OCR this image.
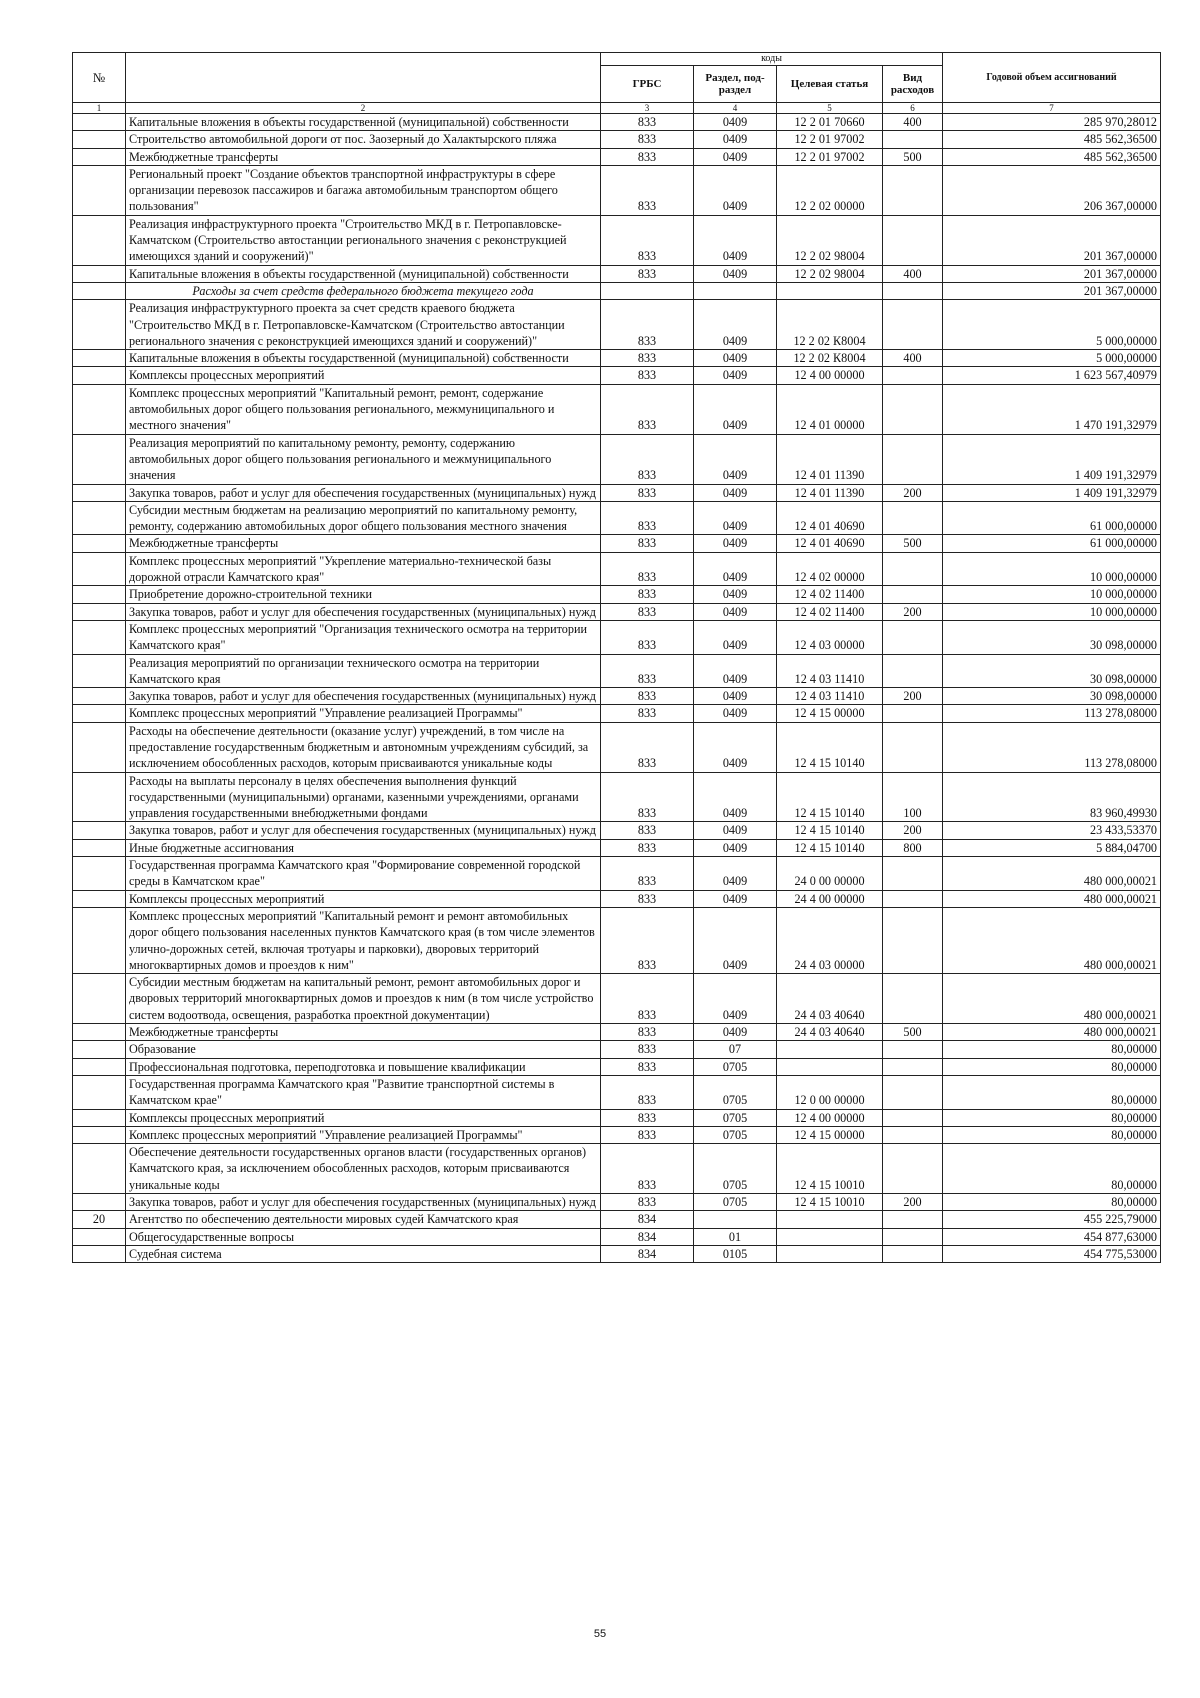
№		коды				Годовой объем ассигнований
		ГРБС	Раздел, под-раздел	Целевая статья	Вид расходов	
1	2	3	4	5	6	7
	Капитальные вложения в объекты государственной (муниципальной) собственности	833	0409	12 2 01 70660	400	285 970,28012
	Строительство автомобильной дороги от пос. Заозерный до Халактырского пляжа	833	0409	12 2 01 97002		485 562,36500
	Межбюджетные трансферты	833	0409	12 2 01 97002	500	485 562,36500
	Региональный проект "Создание объектов транспортной инфраструктуры в сфере организации перевозок пассажиров и багажа автомобильным транспортом общего пользования"	833	0409	12 2 02 00000		206 367,00000
	Реализация инфраструктурного проекта "Строительство МКД в г. Петропавловске-Камчатском (Строительство автостанции регионального значения с реконструкцией имеющихся зданий и сооружений)"	833	0409	12 2 02 98004		201 367,00000
	Капитальные вложения в объекты государственной (муниципальной) собственности	833	0409	12 2 02 98004	400	201 367,00000
	Расходы за счет средств федерального бюджета текущего года					201 367,00000
	Реализация инфраструктурного проекта за счет средств краевого бюджета "Строительство МКД в г. Петропавловске-Камчатском (Строительство автостанции регионального значения с реконструкцией имеющихся зданий и сооружений)"	833	0409	12 2 02 К8004		5 000,00000
	Капитальные вложения в объекты государственной (муниципальной) собственности	833	0409	12 2 02 К8004	400	5 000,00000
	Комплексы процессных мероприятий	833	0409	12 4 00 00000		1 623 567,40979
	Комплекс процессных мероприятий "Капитальный ремонт, ремонт, содержание автомобильных дорог общего пользования регионального, межмуниципального и местного значения"	833	0409	12 4 01 00000		1 470 191,32979
	Реализация мероприятий по капитальному ремонту, ремонту, содержанию автомобильных дорог общего пользования регионального и межмуниципального значения	833	0409	12 4 01 11390		1 409 191,32979
	Закупка товаров, работ и услуг для обеспечения государственных (муниципальных) нужд	833	0409	12 4 01 11390	200	1 409 191,32979
	Субсидии местным бюджетам на реализацию мероприятий по капитальному ремонту, ремонту, содержанию автомобильных дорог общего пользования местного значения	833	0409	12 4 01 40690		61 000,00000
	Межбюджетные трансферты	833	0409	12 4 01 40690	500	61 000,00000
	Комплекс процессных мероприятий "Укрепление материально-технической базы дорожной отрасли Камчатского края"	833	0409	12 4 02 00000		10 000,00000
	Приобретение дорожно-строительной техники	833	0409	12 4 02 11400		10 000,00000
	Закупка товаров, работ и услуг для обеспечения государственных (муниципальных) нужд	833	0409	12 4 02 11400	200	10 000,00000
	Комплекс процессных мероприятий "Организация технического осмотра на территории Камчатского края"	833	0409	12 4 03 00000		30 098,00000
	Реализация мероприятий по организации технического осмотра на территории Камчатского края	833	0409	12 4 03 11410		30 098,00000
	Закупка товаров, работ и услуг для обеспечения государственных (муниципальных) нужд	833	0409	12 4 03 11410	200	30 098,00000
	Комплекс процессных мероприятий "Управление реализацией Программы"	833	0409	12 4 15 00000		113 278,08000
	Расходы на обеспечение деятельности (оказание услуг) учреждений, в том числе на предоставление государственным бюджетным и автономным учреждениям субсидий, за исключением обособленных расходов, которым присваиваются уникальные коды	833	0409	12 4 15 10140		113 278,08000
	Расходы на выплаты персоналу в целях обеспечения выполнения функций государственными (муниципальными) органами, казенными учреждениями, органами управления государственными внебюджетными фондами	833	0409	12 4 15 10140	100	83 960,49930
	Закупка товаров, работ и услуг для обеспечения государственных (муниципальных) нужд	833	0409	12 4 15 10140	200	23 433,53370
	Иные бюджетные ассигнования	833	0409	12 4 15 10140	800	5 884,04700
	Государственная программа Камчатского края "Формирование современной городской среды в Камчатском крае"	833	0409	24 0 00 00000		480 000,00021
	Комплексы процессных мероприятий	833	0409	24 4 00 00000		480 000,00021
	Комплекс процессных мероприятий "Капитальный ремонт и ремонт автомобильных дорог общего пользования населенных пунктов Камчатского края (в том числе элементов улично-дорожных сетей, включая тротуары и парковки), дворовых территорий многоквартирных домов и проездов к ним"	833	0409	24 4 03 00000		480 000,00021
	Субсидии местным бюджетам на капитальный ремонт, ремонт автомобильных дорог и дворовых территорий многоквартирных домов и проездов к ним (в том числе устройство систем водоотвода, освещения, разработка проектной документации)	833	0409	24 4 03 40640		480 000,00021
	Межбюджетные трансферты	833	0409	24 4 03 40640	500	480 000,00021
	Образование	833	07			80,00000
	Профессиональная подготовка, переподготовка и повышение квалификации	833	0705			80,00000
	Государственная программа Камчатского края "Развитие транспортной системы в Камчатском крае"	833	0705	12 0 00 00000		80,00000
	Комплексы процессных мероприятий	833	0705	12 4 00 00000		80,00000
	Комплекс процессных мероприятий "Управление реализацией Программы"	833	0705	12 4 15 00000		80,00000
	Обеспечение деятельности государственных органов власти (государственных органов) Камчатского края, за исключением обособленных расходов, которым присваиваются уникальные коды	833	0705	12 4 15 10010		80,00000
	Закупка товаров, работ и услуг для обеспечения государственных (муниципальных) нужд	833	0705	12 4 15 10010	200	80,00000
20	Агентство по обеспечению деятельности мировых судей Камчатского края	834				455 225,79000
	Общегосударственные вопросы	834	01			454 877,63000
	Судебная система	834	0105			454 775,53000
55
